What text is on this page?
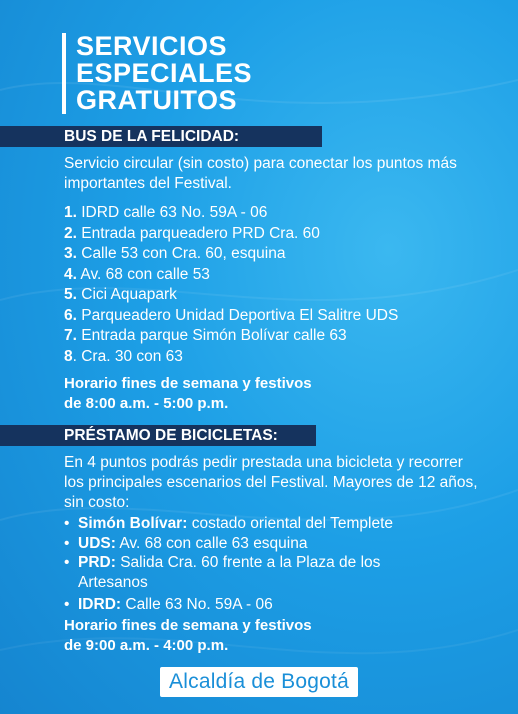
SERVICIOS
ESPECIALES
GRATUITOS
BUS DE LA FELICIDAD:
Servicio circular (sin costo) para conectar los puntos más importantes del Festival.
1. IDRD calle 63 No. 59A - 06
2. Entrada parqueadero PRD Cra. 60
3. Calle 53 con Cra. 60, esquina
4. Av. 68 con calle 53
5. Cici Aquapark
6. Parqueadero Unidad Deportiva El Salitre UDS
7. Entrada parque Simón Bolívar calle 63
8. Cra. 30 con 63
Horario fines de semana y festivos
de 8:00 a.m. - 5:00 p.m.
PRÉSTAMO DE BICICLETAS:
En 4 puntos podrás pedir prestada una bicicleta y recorrer los principales escenarios del Festival. Mayores de 12 años, sin costo:
• Simón Bolívar: costado oriental del Templete
• UDS: Av. 68 con calle 63 esquina
• PRD: Salida Cra. 60 frente a la Plaza de los Artesanos
• IDRD: Calle 63 No. 59A - 06
Horario fines de semana y festivos
de 9:00 a.m. - 4:00 p.m.
Alcaldía de Bogotá
